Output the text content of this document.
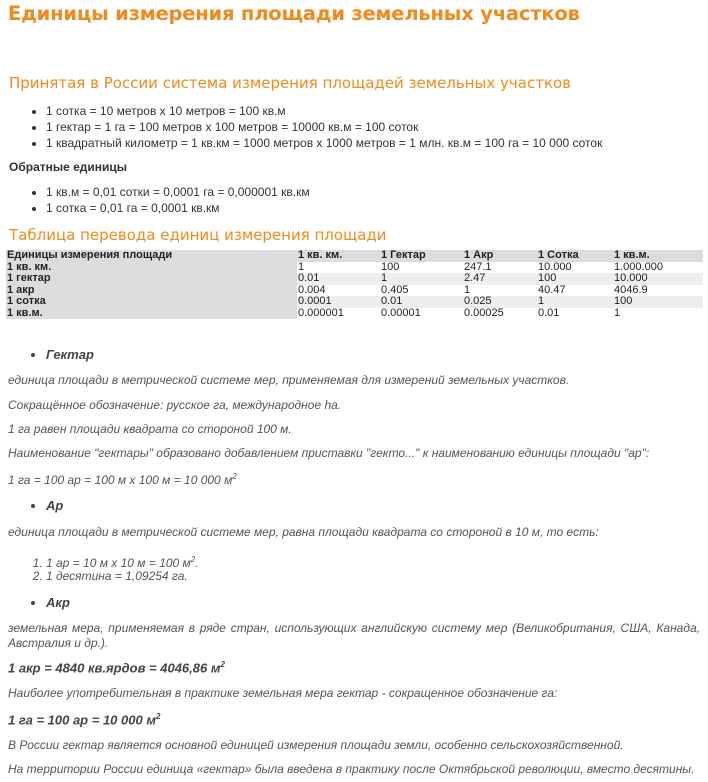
Единицы измерения площади земельных участков
Принятая в России система измерения площадей земельных участков
• 1 сотка = 10 метров х 10 метров = 100 кв.м
• 1 гектар = 1 га = 100 метров х 100 метров = 10000 кв.м = 100 соток
• 1 квадратный километр = 1 кв.км = 1000 метров х 1000 метров = 1 млн. кв.м = 100 га = 10 000 соток
Обратные единицы
• 1 кв.м = 0,01 сотки = 0,0001 га = 0,000001 кв.км
• 1 сотка = 0,01 га = 0,0001 кв.км
Таблица перевода единиц измерения площади
Единицы измерения площади	1 кв. км.	1 Гектар	1 Акр	1 Сотка	1 кв.м.
1 кв. км.	1	100	247.1	10.000	1.000.000
1 гектар	0.01	1	2.47	100	10.000
1 акр	0.004	0.405	1	40.47	4046.9
1 сотка	0.0001	0.01	0.025	1	100
1 кв.м.	0.000001	0.00001	0.00025	0.01	1
• Гектар
единица площади в метрической системе мер, применяемая для измерений земельных участков.
Сокращённое обозначение: русское га, международное ha.
1 га равен площади квадрата со стороной 100 м.
Наименование "гектары" образовано добавлением приставки "гекто..." к наименованию единицы площади "ар":
1 га = 100 ар = 100 м х 100 м = 10 000 $м^2$
• Ар
единица площади в метрической системе мер, равна площади квадрата со стороной в 10 м, то есть:
1. 1 ар = 10 м х 10 м = 100 $м^2$.
2. 1 десятина = 1,09254 га.
• Акр
земельная мера, применяемая в ряде стран, использующих английскую систему мер (Великобритания, США, Канада, Австралия и др.).
1 акр = 4840 кв.ярдов = 4046,86 $м^2$
Наиболее употребительная в практике земельная мера гектар - сокращенное обозначение га:
1 га = 100 ар = 10 000 $м^2$
В России гектар является основной единицей измерения площади земли, особенно сельскохозяйственной.
На территории России единица «гектар» была введена в практику после Октябрьской революции, вместо десятины.
